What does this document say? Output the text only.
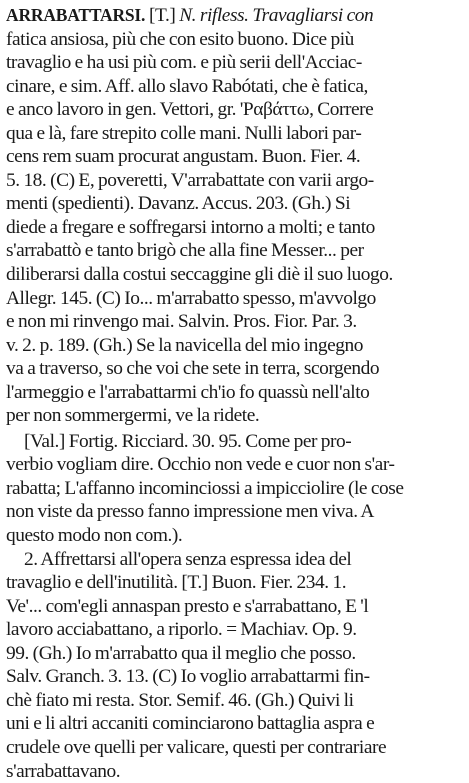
ARRABATTARSI. [T.] N. rifless. Travagliarsi con
fatica ansiosa, più che con esito buono. Dice più
travaglio e ha usi più com. e più serii dell'Acciac-
cinare, e sim. Aff. allo slavo Rabótati, che è fatica,
e anco lavoro in gen. Vettori, gr. 'Ραβάττω, Correre
qua e là, fare strepito colle mani. Nulli labori par-
cens rem suam procurat angustam. Buon. Fier. 4.
5. 18. (C) E, poveretti, V'arrabattate con varii argo-
menti (spedienti). Davanz. Accus. 203. (Gh.) Si
diede a fregare e soffregarsi intorno a molti; e tanto
s'arrabattò e tanto brigò che alla fine Messer... per
diliberarsi dalla costui seccaggine gli diè il suo luogo.
Allegr. 145. (C) Io... m'arrabatto spesso, m'avvolgo
e non mi rinvengo mai. Salvin. Pros. Fior. Par. 3.
v. 2. p. 189. (Gh.) Se la navicella del mio ingegno
va a traverso, so che voi che sete in terra, scorgendo
l'armeggio e l'arrabattarmi ch'io fo quassù nell'alto
per non sommergermi, ve la ridete.

[Val.] Fortig. Ricciard. 30. 95. Come per pro-
verbio vogliam dire. Occhio non vede e cuor non s'ar-
rabatta; L'affanno incominciossi a impicciolire (le cose
non viste da presso fanno impressione men viva. A
questo modo non com.).

2. Affrettarsi all'opera senza espressa idea del
travaglio e dell'inutilità. [T.] Buon. Fier. 234. 1.
Ve'... com'egli annaspan presto e s'arrabattano, E 'l
lavoro acciabattano, a riporlo. = Machiav. Op. 9.
99. (Gh.) Io m'arrabatto qua il meglio che posso.
Salv. Granch. 3. 13. (C) Io voglio arrabattarmi fin-
chè fiato mi resta. Stor. Semif. 46. (Gh.) Quivi li
uni e li altri accaniti cominciarono battaglia aspra e
crudele ove quelli per valicare, questi per contrariare
s'arrabattavano.
